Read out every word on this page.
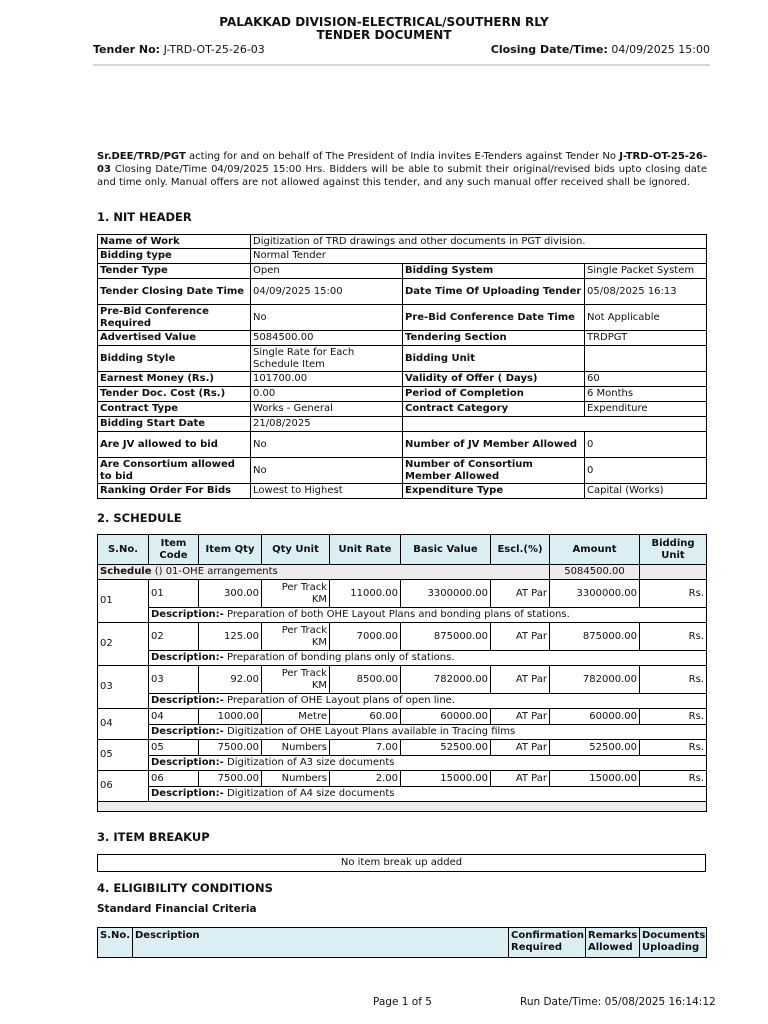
PALAKKAD DIVISION-ELECTRICAL/SOUTHERN RLY
TENDER DOCUMENT
Tender No: J-TRD-OT-25-26-03	Closing Date/Time: 04/09/2025 15:00
Sr.DEE/TRD/PGT acting for and on behalf of The President of India invites E-Tenders against Tender No J-TRD-OT-25-26-03 Closing Date/Time 04/09/2025 15:00 Hrs. Bidders will be able to submit their original/revised bids upto closing date and time only. Manual offers are not allowed against this tender, and any such manual offer received shall be ignored.
1. NIT HEADER
Name of Work	Digitization of TRD drawings and other documents in PGT division.		
Bidding type	Normal Tender		
Tender Type	Open	Bidding System	Single Packet System
Tender Closing Date Time	04/09/2025 15:00	Date Time Of Uploading Tender	05/08/2025 16:13
Pre-Bid Conference Required	No	Pre-Bid Conference Date Time	Not Applicable
Advertised Value	5084500.00	Tendering Section	TRDPGT
Bidding Style	Single Rate for Each Schedule Item	Bidding Unit	
Earnest Money (Rs.)	101700.00	Validity of Offer ( Days)	60
Tender Doc. Cost (Rs.)	0.00	Period of Completion	6 Months
Contract Type	Works - General	Contract Category	Expenditure
Bidding Start Date	21/08/2025		
Are JV allowed to bid	No	Number of JV Member Allowed	0
Are Consortium allowed to bid	No	Number of Consortium Member Allowed	0
Ranking Order For Bids	Lowest to Highest	Expenditure Type	Capital (Works)
2. SCHEDULE
S.No.	Item Code	Item Qty	Qty Unit	Unit Rate	Basic Value	Escl.(%)	Amount	Bidding Unit
Schedule () 01-OHE arrangements							5084500.00	
01	01	300.00	Per Track KM	11000.00	3300000.00	AT Par	3300000.00	Rs.
	Description:- Preparation of both OHE Layout Plans and bonding plans of stations.							
02	02	125.00	Per Track KM	7000.00	875000.00	AT Par	875000.00	Rs.
	Description:- Preparation of bonding plans only of stations.							
03	03	92.00	Per Track KM	8500.00	782000.00	AT Par	782000.00	Rs.
	Description:- Preparation of OHE Layout plans of open line.							
04	04	1000.00	Metre	60.00	60000.00	AT Par	60000.00	Rs.
	Description:- Digitization of OHE Layout Plans available in Tracing films							
05	05	7500.00	Numbers	7.00	52500.00	AT Par	52500.00	Rs.
	Description:- Digitization of A3 size documents							
06	06	7500.00	Numbers	2.00	15000.00	AT Par	15000.00	Rs.
	Description:- Digitization of A4 size documents							

3. ITEM BREAKUP
No item break up added
4. ELIGIBILITY CONDITIONS
Standard Financial Criteria
S.No.	Description	Confirmation Required	Remarks Allowed	Documents Uploading
Page 1 of 5	Run Date/Time: 05/08/2025 16:14:12
